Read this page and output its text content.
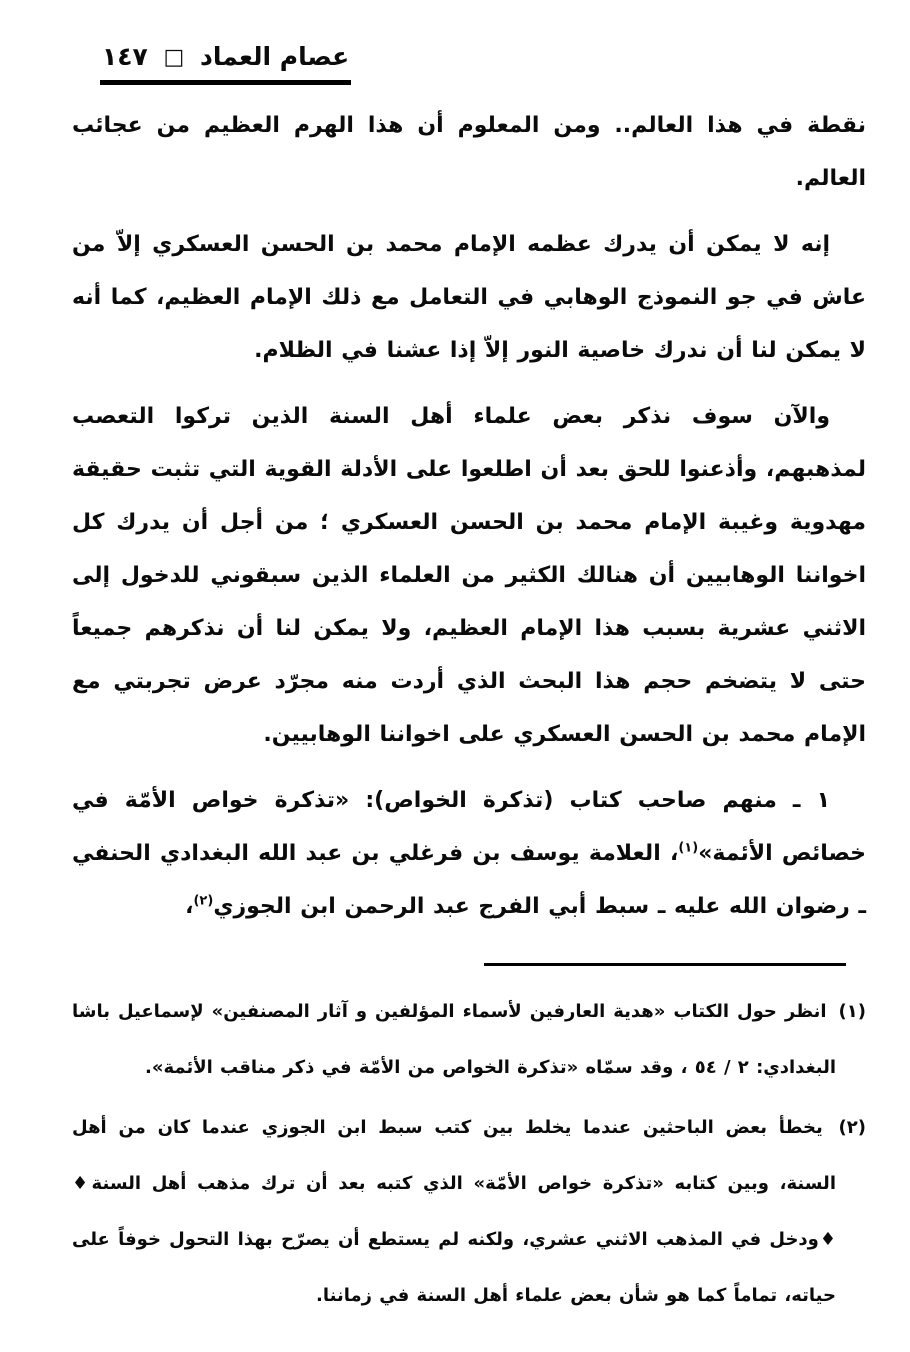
عصام العماد □ ١٤٧

نقطة في هذا العالم.. ومن المعلوم أن هذا الهرم العظيم من عجائب العالم.

إنه لا يمكن أن يدرك عظمه الإمام محمد بن الحسن العسكري إلاّ من عاش في جو النموذج الوهابي في التعامل مع ذلك الإمام العظيم، كما أنه لا يمكن لنا أن ندرك خاصية النور إلاّ إذا عشنا في الظلام.

والآن سوف نذكر بعض علماء أهل السنة الذين تركوا التعصب لمذهبهم، وأذعنوا للحق بعد أن اطلعوا على الأدلة القوية التي تثبت حقيقة مهدوية وغيبة الإمام محمد بن الحسن العسكري ؛ من أجل أن يدرك كل اخواننا الوهابيين أن هنالك الكثير من العلماء الذين سبقوني للدخول إلى الاثني عشرية بسبب هذا الإمام العظيم، ولا يمكن لنا أن نذكرهم جميعاً حتى لا يتضخم حجم هذا البحث الذي أردت منه مجرّد عرض تجربتي مع الإمام محمد بن الحسن العسكري على اخواننا الوهابيين.

١ ـ منهم صاحب كتاب (تذكرة الخواص): «تذكرة خواص الأمّة في خصائص الأئمة»$^{(١)}$، العلامة يوسف بن فرغلي بن عبد الله البغدادي الحنفي ـ رضوان الله عليه ـ سبط أبي الفرج عبد الرحمن ابن الجوزي$^{(٢)}$،

(١) انظر حول الكتاب «هدية العارفين لأسماء المؤلفين و آثار المصنفين» لإسماعيل باشا البغدادي: ٢ / ٥٤ ، وقد سمّاه «تذكرة الخواص من الأمّة في ذكر مناقب الأئمة».
(٢) يخطأ بعض الباحثين عندما يخلط بين كتب سبط ابن الجوزي عندما كان من أهل السنة، وبين كتابه «تذكرة خواص الأمّة» الذي كتبه بعد أن ترك مذهب أهل السنة♦ ♦ودخل في المذهب الاثني عشري، ولكنه لم يستطع أن يصرّح بهذا التحول خوفاً على حياته، تماماً كما هو شأن بعض علماء أهل السنة في زماننا.
